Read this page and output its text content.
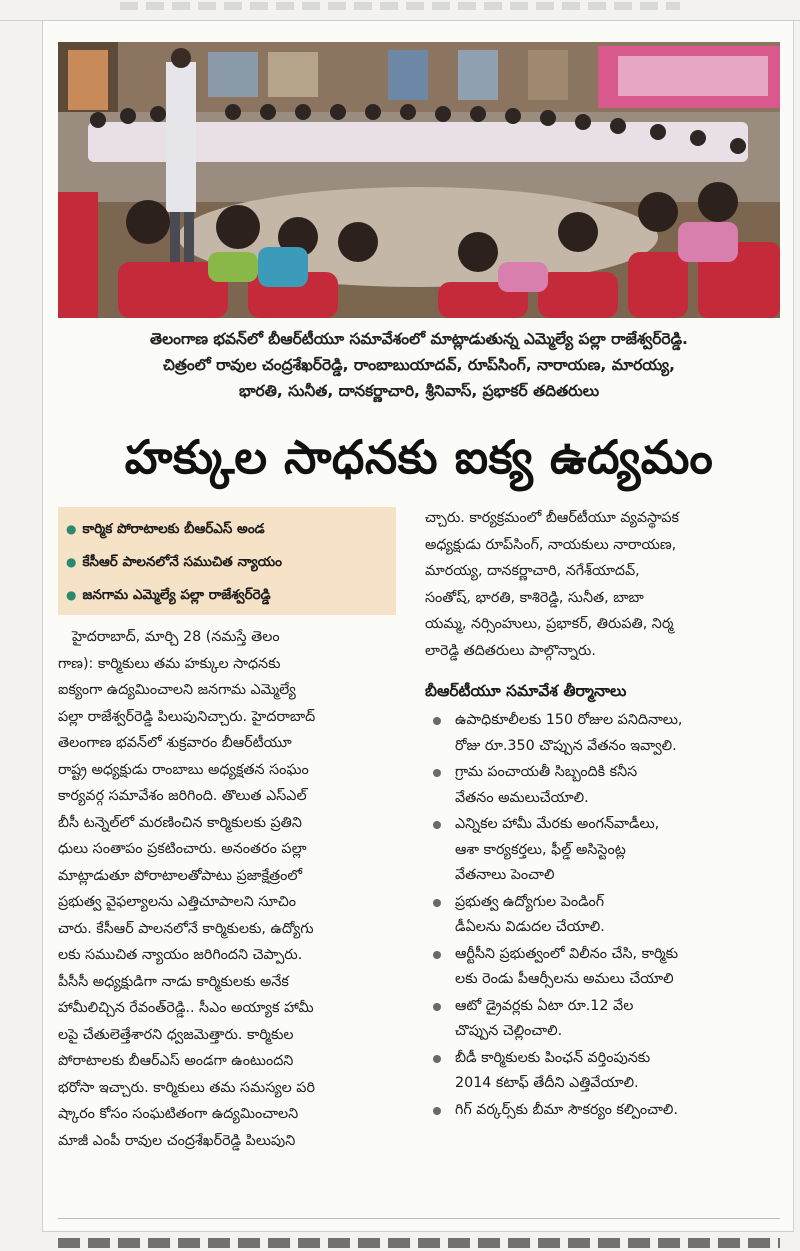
తెలంగాణ భవన్‌లో బీఆర్‌టీయూ సమావేశంలో మాట్లాడుతున్న ఎమ్మెల్యే పల్లా రాజేశ్వర్‌రెడ్డి.
చిత్రంలో రావుల చంద్రశేఖర్‌రెడ్డి, రాంబాబుయాదవ్, రూప్‌సింగ్, నారాయణ, మారయ్య,
భారతి, సునీత, దానకర్ణాచారి, శ్రీనివాస్, ప్రభాకర్ తదితరులు
హక్కుల సాధనకు ఐక్య ఉద్యమం
● కార్మిక పోరాటాలకు బీఆర్‌ఎస్ అండ
● కేసీఆర్ పాలనలోనే సముచిత న్యాయం
● జనగామ ఎమ్మెల్యే పల్లా రాజేశ్వర్‌రెడ్డి
హైదరాబాద్, మార్చి 28 (నమస్తే తెలం
గాణ): కార్మికులు తమ హక్కుల సాధనకు
ఐక్యంగా ఉద్యమించాలని జనగామ ఎమ్మెల్యే
పల్లా రాజేశ్వర్‌రెడ్డి పిలుపునిచ్చారు. హైదరాబాద్
తెలంగాణ భవన్‌లో శుక్రవారం బీఆర్‌టీయూ
రాష్ట్ర అధ్యక్షుడు రాంబాబు అధ్యక్షతన సంఘం
కార్యవర్గ సమావేశం జరిగింది. తొలుత ఎస్‌ఎల్
బీసీ టన్నెల్‌లో మరణించిన కార్మికులకు ప్రతిని
ధులు సంతాపం ప్రకటించారు. అనంతరం పల్లా
మాట్లాడుతూ పోరాటాలతోపాటు ప్రజాక్షేత్రంలో
ప్రభుత్వ వైఫల్యాలను ఎత్తిచూపాలని సూచిం
చారు. కేసీఆర్ పాలనలోనే కార్మికులకు, ఉద్యోగు
లకు సముచిత న్యాయం జరిగిందని చెప్పారు.
పీసీసీ అధ్యక్షుడిగా నాడు కార్మికులకు అనేక
హామీలిచ్చిన రేవంత్‌రెడ్డి.. సీఎం అయ్యాక హామీ
లపై చేతులెత్తేశారని ధ్వజమెత్తారు. కార్మికుల
పోరాటాలకు బీఆర్‌ఎస్ అండగా ఉంటుందని
భరోసా ఇచ్చారు. కార్మికులు తమ సమస్యల పరి
ష్కారం కోసం సంఘటితంగా ఉద్యమించాలని
మాజీ ఎంపీ రావుల చంద్రశేఖర్‌రెడ్డి పిలుపుని
చ్చారు. కార్యక్రమంలో బీఆర్‌టీయూ వ్యవస్థాపక
అధ్యక్షుడు రూప్‌సింగ్, నాయకులు నారాయణ,
మారయ్య, దానకర్ణాచారి, నగేశ్‌యాదవ్,
సంతోష్, భారతి, కాశిరెడ్డి, సునీత, బాబా
యమ్మ, నర్సింహులు, ప్రభాకర్, తిరుపతి, నిర్మ
లారెడ్డి తదితరులు పాల్గొన్నారు.
బీఆర్‌టీయూ సమావేశ తీర్మానాలు
ఉపాధికూలీలకు 150 రోజుల పనిదినాలు,
రోజు రూ.350 చొప్పున వేతనం ఇవ్వాలి.
గ్రామ పంచాయతీ సిబ్బందికి కనీస
వేతనం అమలుచేయాలి.
ఎన్నికల హామీ మేరకు అంగన్‌వాడీలు,
ఆశా కార్యకర్తలు, ఫీల్డ్ అసిస్టెంట్ల
వేతనాలు పెంచాలి
ప్రభుత్వ ఉద్యోగుల పెండింగ్
డీఏలను విడుదల చేయాలి.
ఆర్టీసీని ప్రభుత్వంలో విలీనం చేసి, కార్మికు
లకు రెండు పీఆర్సీలను అమలు చేయాలి
ఆటో డ్రైవర్లకు ఏటా రూ.12 వేల
చొప్పున చెల్లించాలి.
బీడీ కార్మికులకు పింఛన్ వర్తింపునకు
2014 కటాఫ్ తేదీని ఎత్తివేయాలి.
గిగ్ వర్కర్స్‌కు బీమా సౌకర్యం కల్పించాలి.
